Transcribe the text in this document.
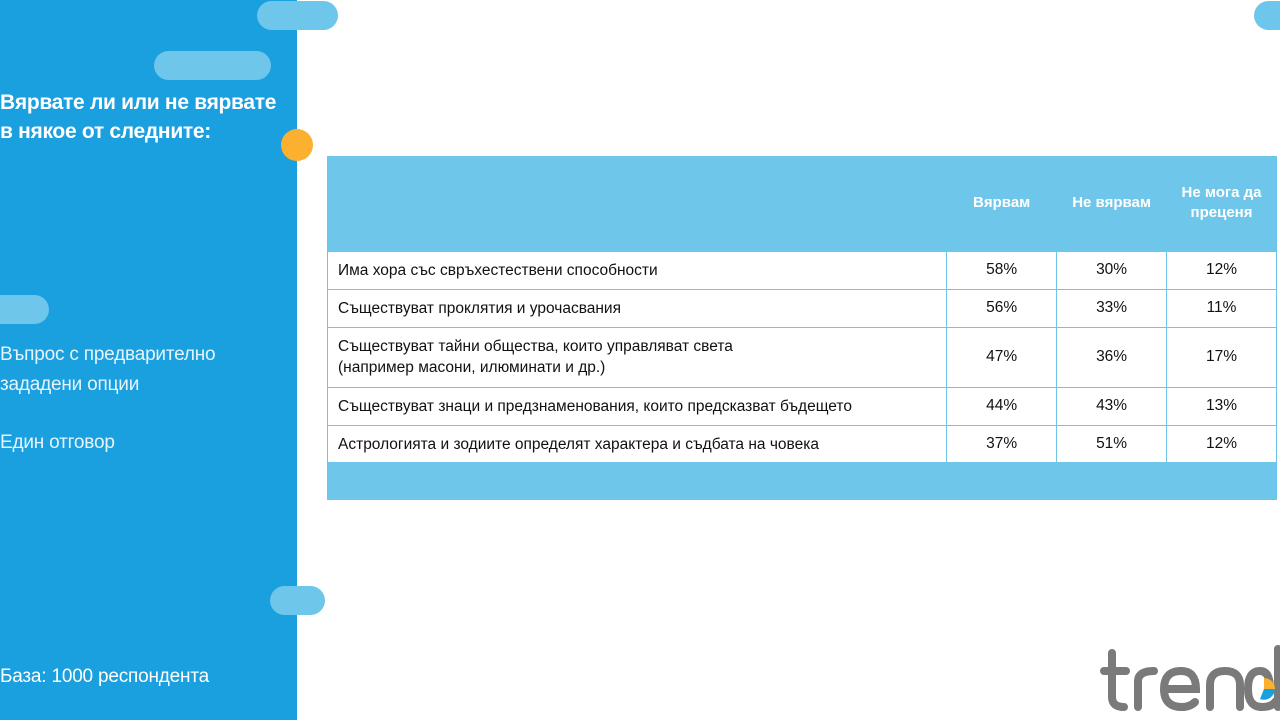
Вярвате ли или не вярвате
в някое от следните:
Въпрос с предварително
зададени опции
Един отговор
База: 1000 респондента
	Вярвам	Не вярвам	Не мога да
преценя

Има хора със свръхестествени способности	58%	30%	12%
Съществуват проклятия и урочасвания	56%	33%	11%

Съществуват тайни общества, които управляват света
(например масони, илюминати и др.)	47%	36%	17%
Съществуват знаци и предзнаменования, които предсказват бъдещето	44%	43%	13%
Астрологията и зодиите определят характера и съдбата на човека	37%	51%	12%
